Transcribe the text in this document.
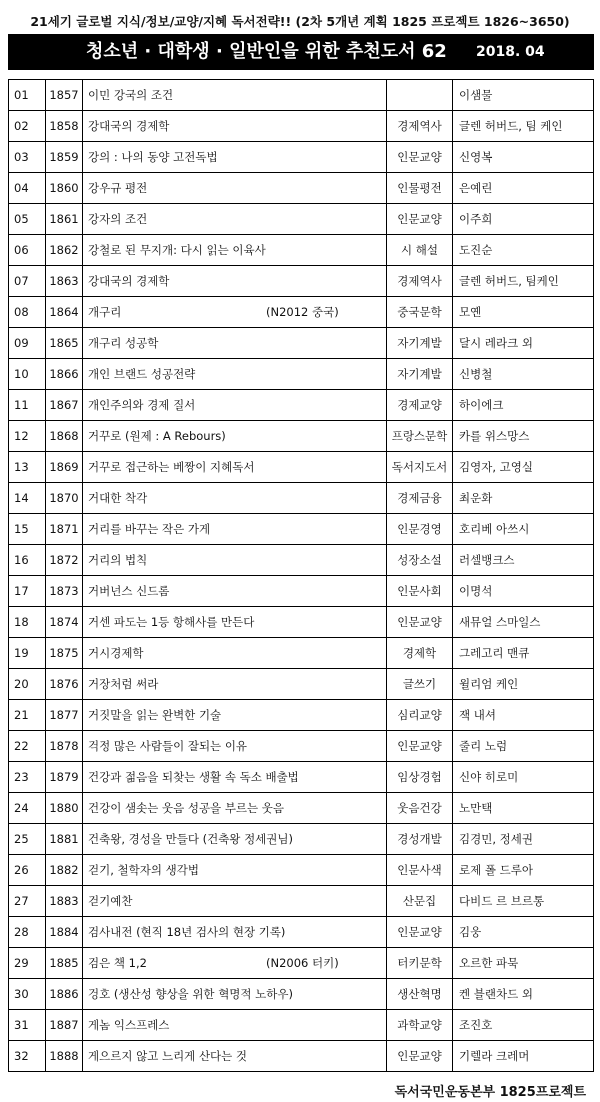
21세기 글로벌 지식/정보/교양/지혜 독서전략!! (2차 5개년 계획 1825 프로젝트 1826~3650)
청소년 · 대학생 · 일반인을 위한 추천도서 62 2018. 04
01	1857	이민 강국의 조건		이샘물
02	1858	강대국의 경제학	경제역사	글렌 허버드, 팀 케인
03	1859	강의 : 나의 동양 고전독법	인문교양	신영복
04	1860	강우규 평전	인물평전	은예린
05	1861	강자의 조건	인문교양	이주희
06	1862	강철로 된 무지개: 다시 읽는 이육사	시 해설	도진순
07	1863	강대국의 경제학	경제역사	글렌 허버드, 팀케인
08	1864	개구리 (N2012 중국)	중국문학	모옌
09	1865	개구리 성공학	자기계발	달시 레라크 외
10	1866	개인 브랜드 성공전략	자기계발	신병철
11	1867	개인주의와 경제 질서	경제교양	하이에크
12	1868	거꾸로 (원제 : A Rebours)	프랑스문학	카를 위스망스
13	1869	거꾸로 접근하는 베짱이 지혜독서	독서지도서	김영자, 고영실
14	1870	거대한 착각	경제금융	최운화
15	1871	거리를 바꾸는 작은 가게	인문경영	호리베 아쓰시
16	1872	거리의 법칙	성장소설	러셀뱅크스
17	1873	거버넌스 신드롬	인문사회	이명석
18	1874	거센 파도는 1등 항해사를 만든다	인문교양	새뮤얼 스마일스
19	1875	거시경제학	경제학	그레고리 맨큐
20	1876	거장처럼 써라	글쓰기	윌리엄 케인
21	1877	거짓말을 읽는 완벽한 기술	심리교양	잭 내셔
22	1878	걱정 많은 사람들이 잘되는 이유	인문교양	줄리 노럼
23	1879	건강과 젊음을 되찾는 생활 속 독소 배출법	임상경험	신야 히로미
24	1880	건강이 샘솟는 웃음 성공을 부르는 웃음	웃음건강	노만택
25	1881	건축왕, 경성을 만들다 (건축왕 정세권님)	경성개발	김경민, 정세권
26	1882	걷기, 철학자의 생각법	인문사색	로제 폴 드루아
27	1883	걷기예찬	산문집	다비드 르 브르통
28	1884	검사내전 (현직 18년 검사의 현장 기록)	인문교양	김웅
29	1885	검은 책 1,2 (N2006 터키)	터키문학	오르한 파묵
30	1886	겅호 (생산성 향상을 위한 혁명적 노하우)	생산혁명	켄 블랜차드 외
31	1887	게놈 익스프레스	과학교양	조진호
32	1888	게으르지 않고 느리게 산다는 것	인문교양	기렐라 크레머
독서국민운동본부 1825프로젝트
